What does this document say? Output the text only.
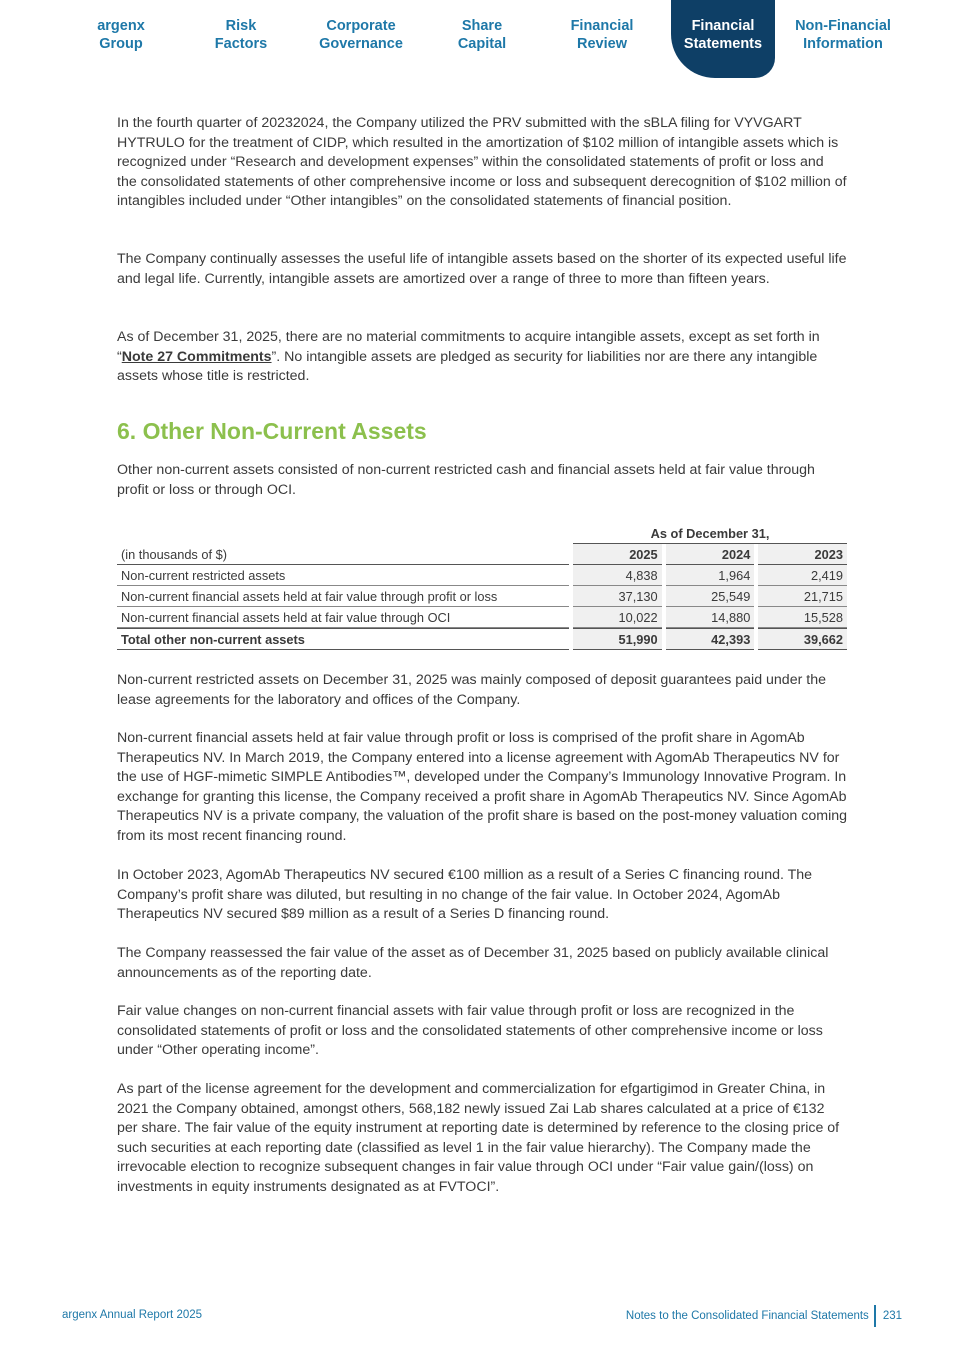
argenx
Group
Risk
Factors
Corporate
Governance
Share
Capital
Financial
Review
Financial
Statements
Non-Financial
Information

In the fourth quarter of 20232024, the Company utilized the PRV submitted with the sBLA filing for VYVGART HYTRULO for the treatment of CIDP, which resulted in the amortization of $102 million of intangible assets which is recognized under “Research and development expenses” within the consolidated statements of profit or loss and the consolidated statements of other comprehensive income or loss and subsequent derecognition of $102 million of intangibles included under “Other intangibles” on the consolidated statements of financial position.

The Company continually assesses the useful life of intangible assets based on the shorter of its expected useful life and legal life. Currently, intangible assets are amortized over a range of three to more than fifteen years.

As of December 31, 2025, there are no material commitments to acquire intangible assets, except as set forth in “Note 27 Commitments”. No intangible assets are pledged as security for liabilities nor are there any intangible assets whose title is restricted.

6. Other Non-Current Assets

Other non-current assets consisted of non-current restricted cash and financial assets held at fair value through profit or loss or through OCI.

	As of December 31,		
(in thousands of $)	2025	2024	2023
Non-current restricted assets	4,838	1,964	2,419
Non-current financial assets held at fair value through profit or loss	37,130	25,549	21,715
Non-current financial assets held at fair value through OCI	10,022	14,880	15,528
Total other non-current assets	51,990	42,393	39,662

Non-current restricted assets on December 31, 2025 was mainly composed of deposit guarantees paid under the lease agreements for the laboratory and offices of the Company.

Non-current financial assets held at fair value through profit or loss is comprised of the profit share in AgomAb Therapeutics NV. In March 2019, the Company entered into a license agreement with AgomAb Therapeutics NV for the use of HGF-mimetic SIMPLE Antibodies™, developed under the Company’s Immunology Innovative Program. In exchange for granting this license, the Company received a profit share in AgomAb Therapeutics NV. Since AgomAb Therapeutics NV is a private company, the valuation of the profit share is based on the post-money valuation coming from its most recent financing round.

In October 2023, AgomAb Therapeutics NV secured €100 million as a result of a Series C financing round. The Company’s profit share was diluted, but resulting in no change of the fair value. In October 2024, AgomAb Therapeutics NV secured $89 million as a result of a Series D financing round.

The Company reassessed the fair value of the asset as of December 31, 2025 based on publicly available clinical announcements as of the reporting date.

Fair value changes on non-current financial assets with fair value through profit or loss are recognized in the consolidated statements of profit or loss and the consolidated statements of other comprehensive income or loss under “Other operating income”.

As part of the license agreement for the development and commercialization for efgartigimod in Greater China, in 2021 the Company obtained, amongst others, 568,182 newly issued Zai Lab shares calculated at a price of €132 per share. The fair value of the equity instrument at reporting date is determined by reference to the closing price of such securities at each reporting date (classified as level 1 in the fair value hierarchy). The Company made the irrevocable election to recognize subsequent changes in fair value through OCI under “Fair value gain/(loss) on investments in equity instruments designated as at FVTOCI”.

argenx Annual Report 2025	Notes to the Consolidated Financial Statements 231
